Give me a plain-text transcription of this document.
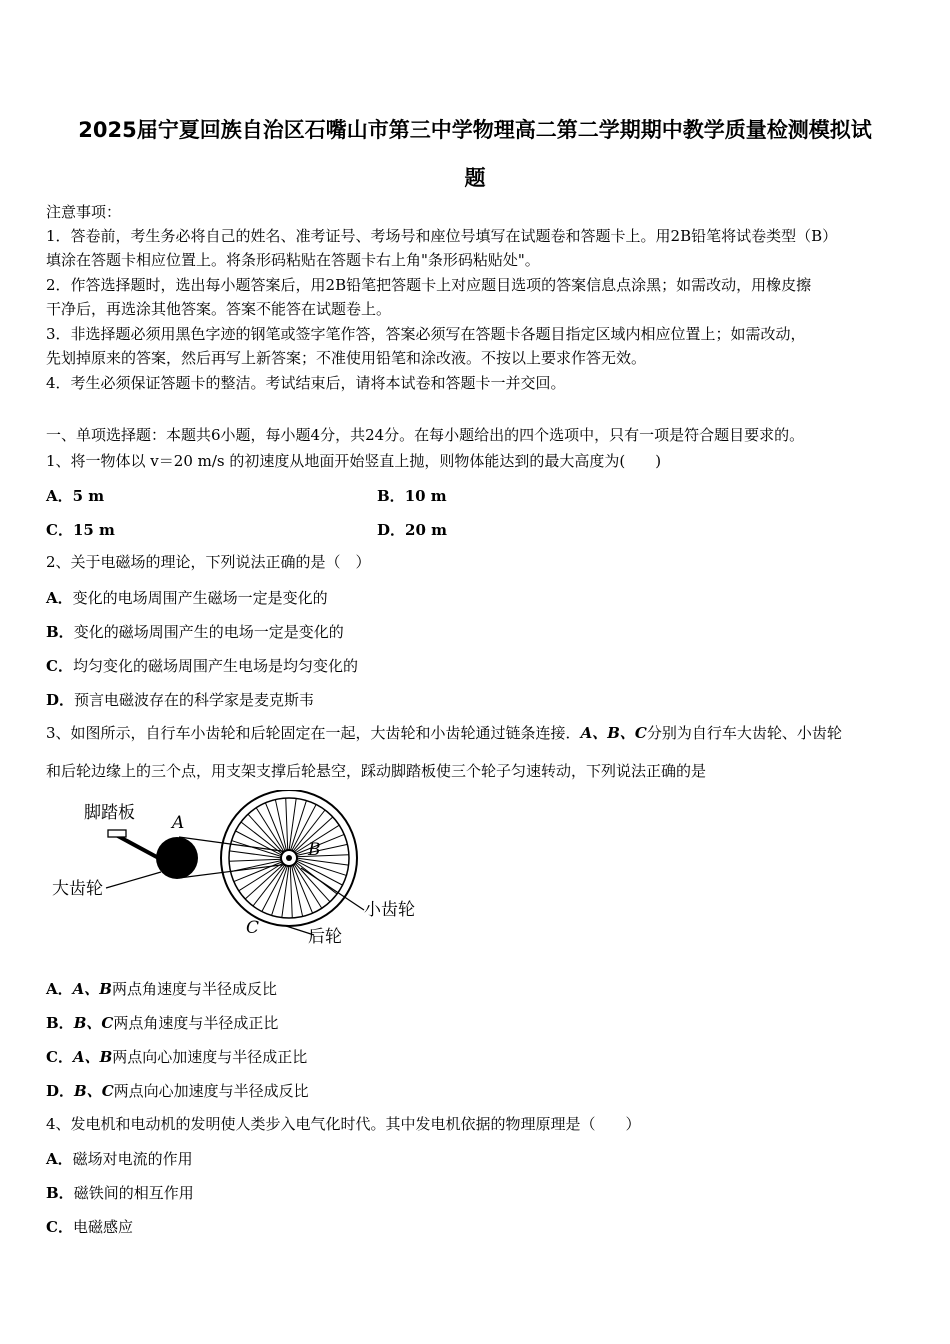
2025届宁夏回族自治区石嘴山市第三中学物理高二第二学期期中教学质量检测模拟试
题
注意事项：
1．答卷前，考生务必将自己的姓名、准考证号、考场号和座位号填写在试题卷和答题卡上。用2B铅笔将试卷类型（B）
填涂在答题卡相应位置上。将条形码粘贴在答题卡右上角"条形码粘贴处"。
2．作答选择题时，选出每小题答案后，用2B铅笔把答题卡上对应题目选项的答案信息点涂黑；如需改动，用橡皮擦
干净后，再选涂其他答案。答案不能答在试题卷上。
3．非选择题必须用黑色字迹的钢笔或签字笔作答，答案必须写在答题卡各题目指定区域内相应位置上；如需改动，
先划掉原来的答案，然后再写上新答案；不准使用铅笔和涂改液。不按以上要求作答无效。
4．考生必须保证答题卡的整洁。考试结束后，请将本试卷和答题卡一并交回。
一、单项选择题：本题共6小题，每小题4分，共24分。在每小题给出的四个选项中，只有一项是符合题目要求的。
1、将一物体以 v＝20 m/s 的初速度从地面开始竖直上抛，则物体能达到的最大高度为(　　)
A．5 m	B．10 m
C．15 m	D．20 m
2、关于电磁场的理论，下列说法正确的是（　）
A．变化的电场周围产生磁场一定是变化的
B．变化的磁场周围产生的电场一定是变化的
C．均匀变化的磁场周围产生电场是均匀变化的
D．预言电磁波存在的科学家是麦克斯韦
3、如图所示，自行车小齿轮和后轮固定在一起，大齿轮和小齿轮通过链条连接．A、B、C分别为自行车大齿轮、小齿轮
和后轮边缘上的三个点，用支架支撑后轮悬空，踩动脚踏板使三个轮子匀速转动，下列说法正确的是
脚踏板
大齿轮
小齿轮
后轮
A
B
C
A．A、B两点角速度与半径成反比
B．B、C两点角速度与半径成正比
C．A、B两点向心加速度与半径成正比
D．B、C两点向心加速度与半径成反比
4、发电机和电动机的发明使人类步入电气化时代。其中发电机依据的物理原理是（　　）
A．磁场对电流的作用
B．磁铁间的相互作用
C．电磁感应
